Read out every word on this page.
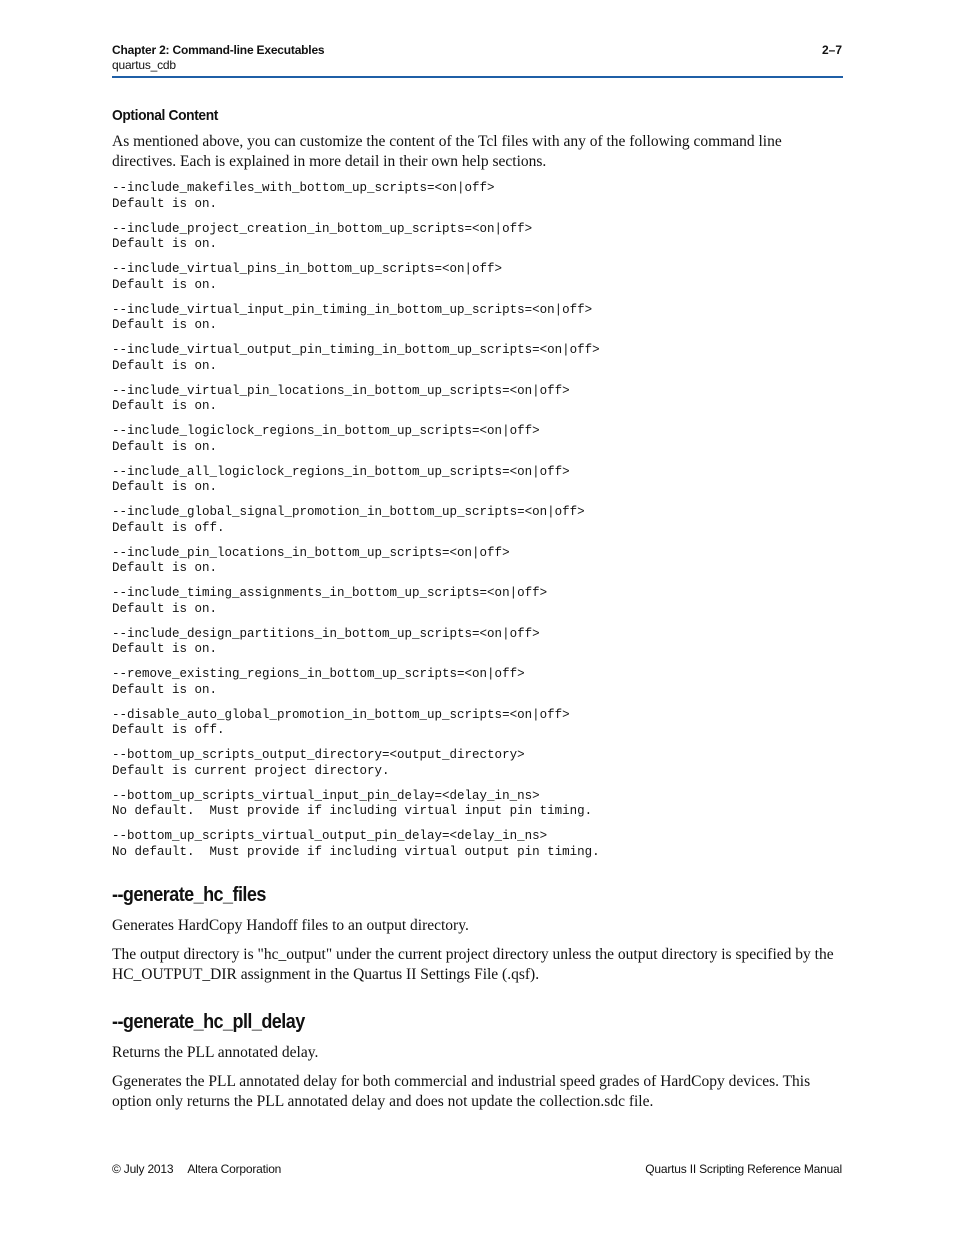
Chapter 2: Command-line Executables
quartus_cdb
2–7
Optional Content

As mentioned above, you can customize the content of the Tcl files with any of the following command line directives. Each is explained in more detail in their own help sections.

--include_makefiles_with_bottom_up_scripts=<on|off>
Default is on.
--include_project_creation_in_bottom_up_scripts=<on|off>
Default is on.
--include_virtual_pins_in_bottom_up_scripts=<on|off>
Default is on.
--include_virtual_input_pin_timing_in_bottom_up_scripts=<on|off>
Default is on.
--include_virtual_output_pin_timing_in_bottom_up_scripts=<on|off>
Default is on.
--include_virtual_pin_locations_in_bottom_up_scripts=<on|off>
Default is on.
--include_logiclock_regions_in_bottom_up_scripts=<on|off>
Default is on.
--include_all_logiclock_regions_in_bottom_up_scripts=<on|off>
Default is on.
--include_global_signal_promotion_in_bottom_up_scripts=<on|off>
Default is off.
--include_pin_locations_in_bottom_up_scripts=<on|off>
Default is on.
--include_timing_assignments_in_bottom_up_scripts=<on|off>
Default is on.
--include_design_partitions_in_bottom_up_scripts=<on|off>
Default is on.
--remove_existing_regions_in_bottom_up_scripts=<on|off>
Default is on.
--disable_auto_global_promotion_in_bottom_up_scripts=<on|off>
Default is off.
--bottom_up_scripts_output_directory=<output_directory>
Default is current project directory.
--bottom_up_scripts_virtual_input_pin_delay=<delay_in_ns>
No default.  Must provide if including virtual input pin timing.
--bottom_up_scripts_virtual_output_pin_delay=<delay_in_ns>
No default.  Must provide if including virtual output pin timing.
--generate_hc_files

Generates HardCopy Handoff files to an output directory.

The output directory is "hc_output" under the current project directory unless the output directory is specified by the HC_OUTPUT_DIR assignment in the Quartus II Settings File (.qsf).

--generate_hc_pll_delay

Returns the PLL annotated delay.

Ggenerates the PLL annotated delay for both commercial and industrial speed grades of HardCopy devices. This option only returns the PLL annotated delay and does not update the collection.sdc file.

© July 2013 Altera Corporation	Quartus II Scripting Reference Manual
